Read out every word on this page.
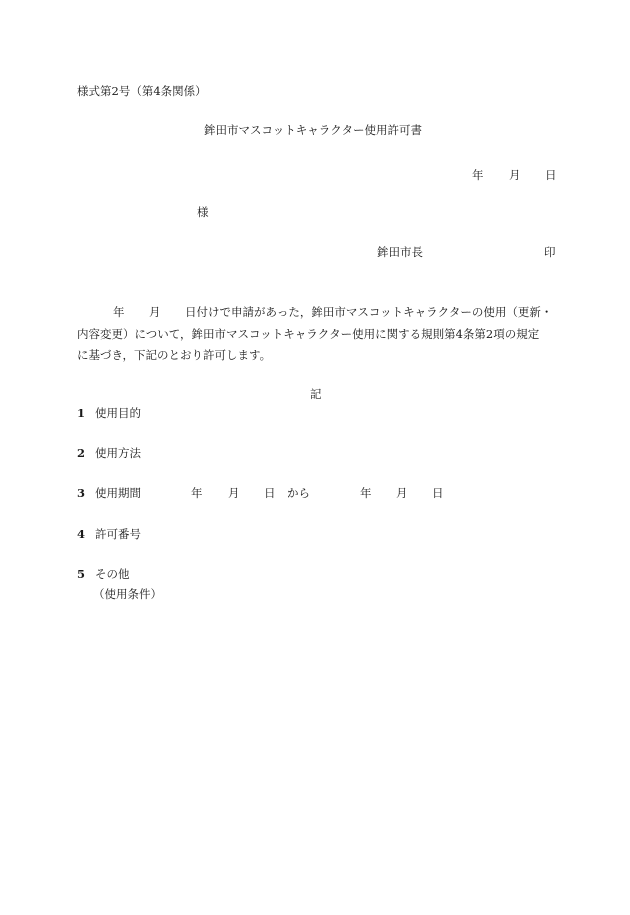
様式第2号（第4条関係）
鉾田市マスコットキャラクター使用許可書
年 月 日
様
鉾田市長	印
年 月 日付けで申請があった，鉾田市マスコットキャラクターの使用（更新・
内容変更）について，鉾田市マスコットキャラクター使用に関する規則第4条第2項の規定
に基づき，下記のとおり許可します。
記
1 使用目的
2 使用方法
3 使用期間	年 月 日 から	年 月 日
4 許可番号
5 その他
（使用条件）
